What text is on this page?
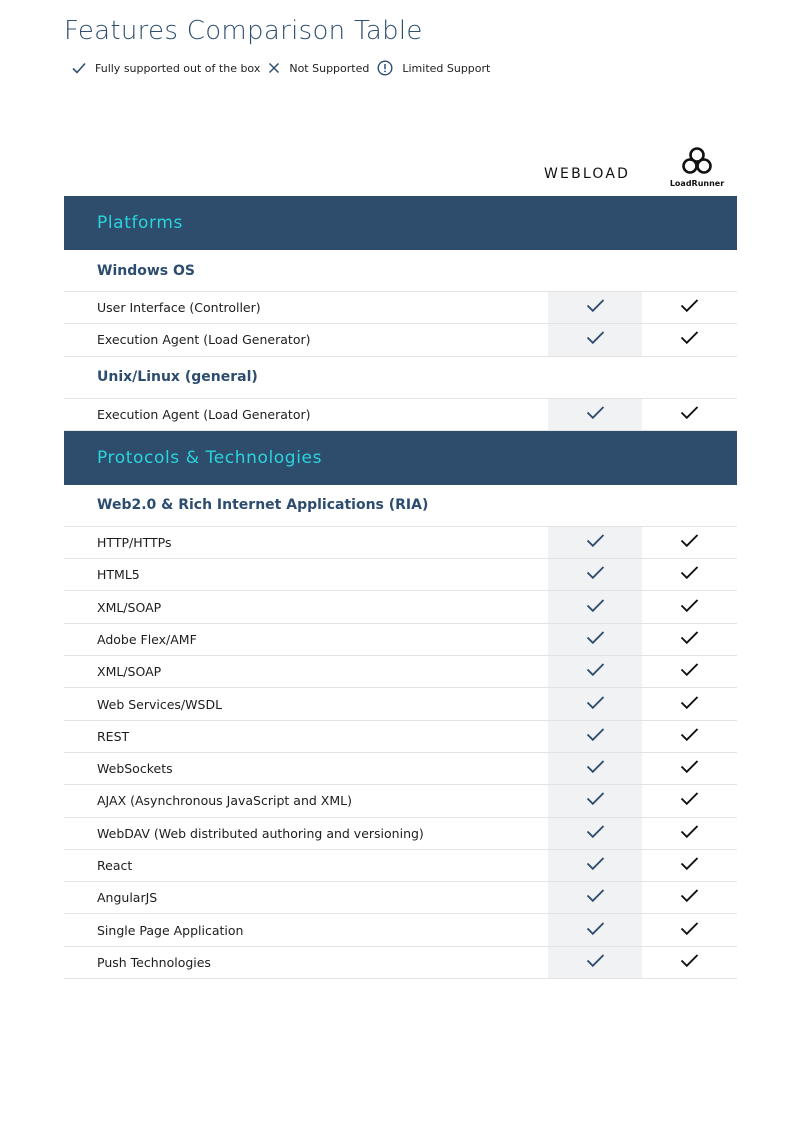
Features Comparison Table
Fully supported out of the box	Not Supported	Limited Support
WEBLOAD
LoadRunner
Platforms
Windows OS
User Interface (Controller)
Execution Agent (Load Generator)
Unix/Linux (general)
Execution Agent (Load Generator)
Protocols & Technologies
Web2.0 & Rich Internet Applications (RIA)
HTTP/HTTPs
HTML5
XML/SOAP
Adobe Flex/AMF
XML/SOAP
Web Services/WSDL
REST
WebSockets
AJAX (Asynchronous JavaScript and XML)
WebDAV (Web distributed authoring and versioning)
React
AngularJS
Single Page Application
Push Technologies
